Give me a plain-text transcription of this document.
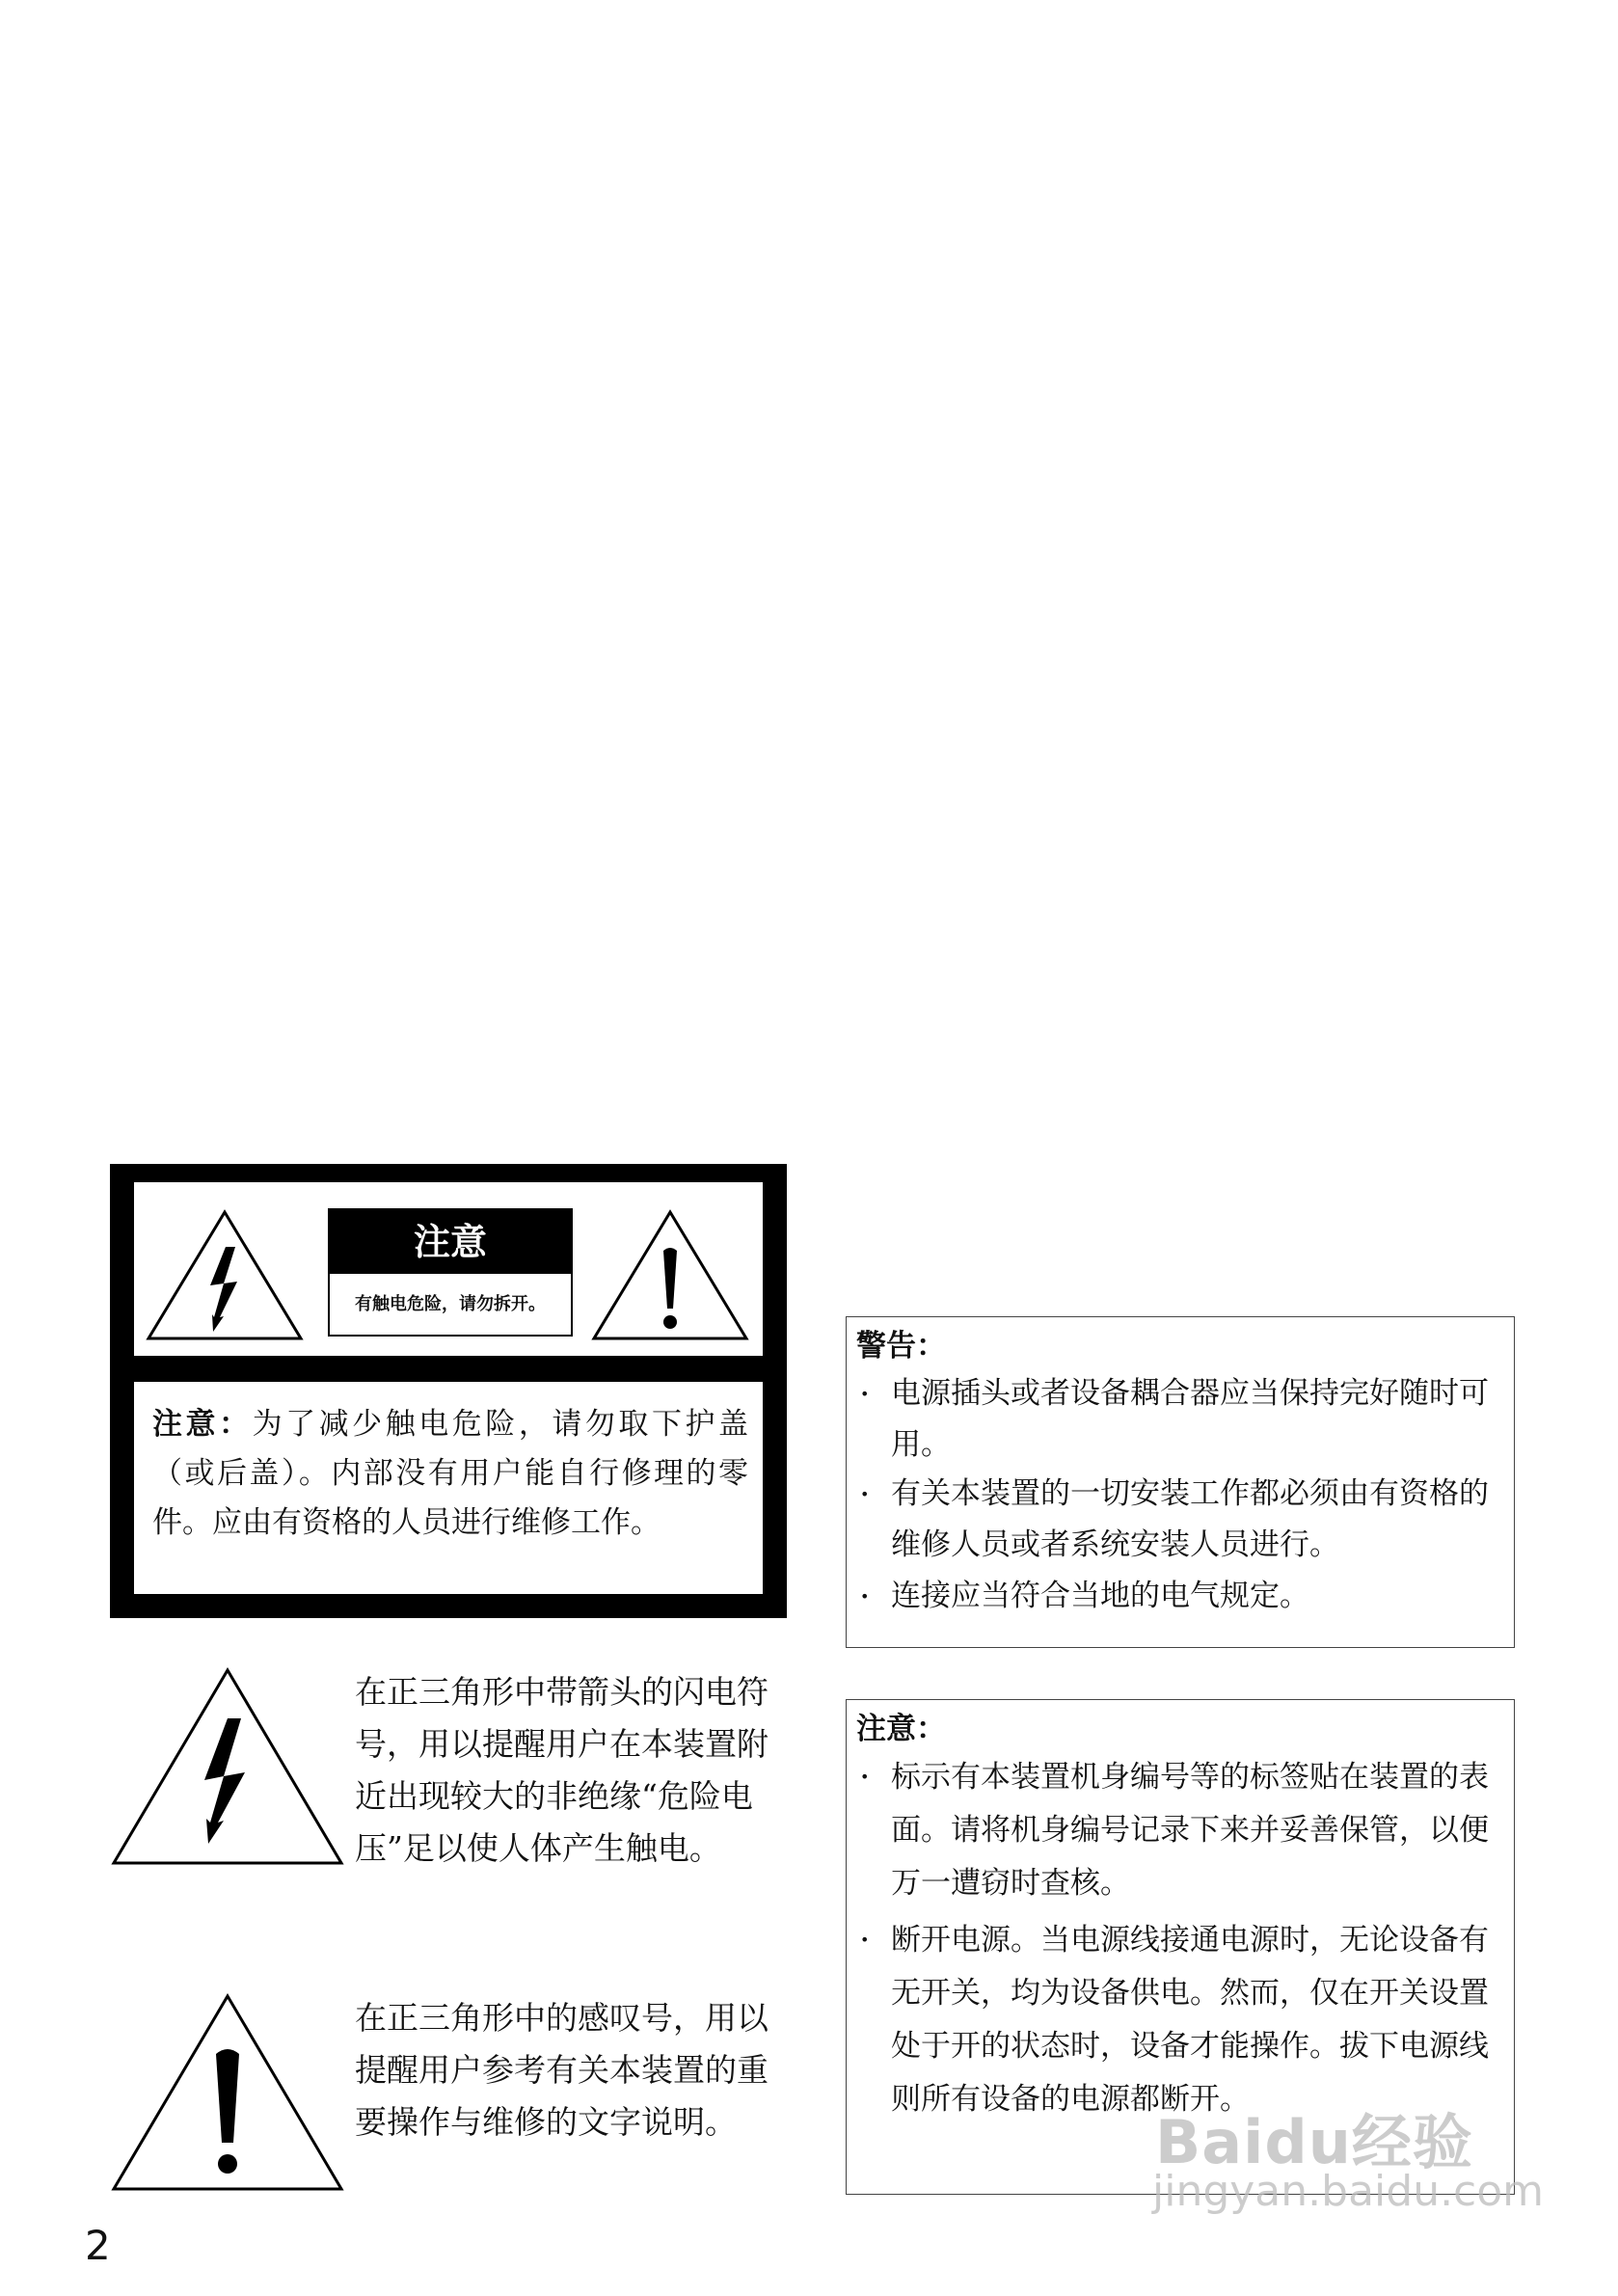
注意
有触电危险，请勿拆开。
注意：为了减少触电危险，请勿取下护盖（或后盖）。内部没有用户能自行修理的零件。应由有资格的人员进行维修工作。
在正三角形中带箭头的闪电符号，用以提醒用户在本装置附近出现较大的非绝缘“危险电压”足以使人体产生触电。
在正三角形中的感叹号，用以提醒用户参考有关本装置的重要操作与维修的文字说明。
警告：
• 电源插头或者设备耦合器应当保持完好随时可用。
• 有关本装置的一切安装工作都必须由有资格的维修人员或者系统安装人员进行。
• 连接应当符合当地的电气规定。
注意：
• 标示有本装置机身编号等的标签贴在装置的表面。请将机身编号记录下来并妥善保管，以便万一遭窃时查核。
• 断开电源。当电源线接通电源时，无论设备有无开关，均为设备供电。然而，仅在开关设置处于开的状态时，设备才能操作。拔下电源线则所有设备的电源都断开。
2
Baidu经验
jingyan.baidu.com
